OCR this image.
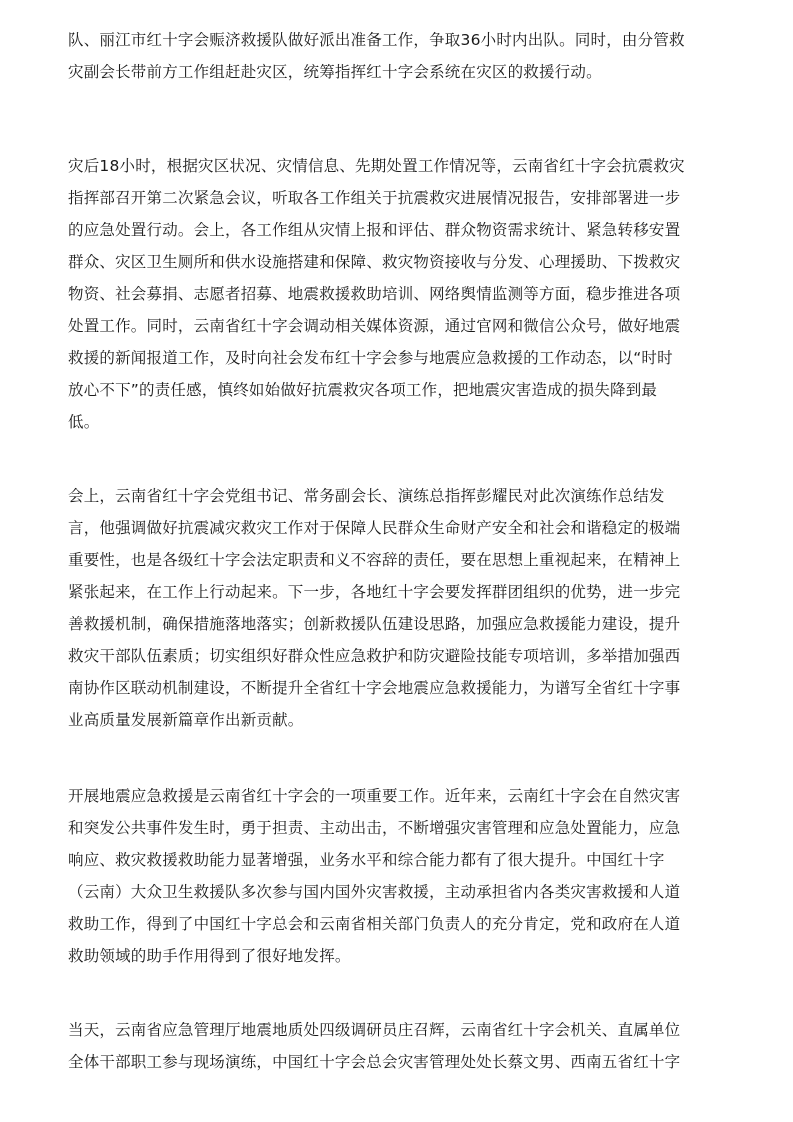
队、丽江市红十字会赈济救援队做好派出准备工作，争取36小时内出队。同时，由分管救
灾副会长带前方工作组赶赴灾区，统筹指挥红十字会系统在灾区的救援行动。
灾后18小时，根据灾区状况、灾情信息、先期处置工作情况等，云南省红十字会抗震救灾
指挥部召开第二次紧急会议，听取各工作组关于抗震救灾进展情况报告，安排部署进一步
的应急处置行动。会上，各工作组从灾情上报和评估、群众物资需求统计、紧急转移安置
群众、灾区卫生厕所和供水设施搭建和保障、救灾物资接收与分发、心理援助、下拨救灾
物资、社会募捐、志愿者招募、地震救援救助培训、网络舆情监测等方面，稳步推进各项
处置工作。同时，云南省红十字会调动相关媒体资源，通过官网和微信公众号，做好地震
救援的新闻报道工作，及时向社会发布红十字会参与地震应急救援的工作动态，以“时时
放心不下”的责任感，慎终如始做好抗震救灾各项工作，把地震灾害造成的损失降到最
低。
会上，云南省红十字会党组书记、常务副会长、演练总指挥彭耀民对此次演练作总结发
言，他强调做好抗震减灾救灾工作对于保障人民群众生命财产安全和社会和谐稳定的极端
重要性，也是各级红十字会法定职责和义不容辞的责任，要在思想上重视起来，在精神上
紧张起来，在工作上行动起来。下一步，各地红十字会要发挥群团组织的优势，进一步完
善救援机制，确保措施落地落实；创新救援队伍建设思路，加强应急救援能力建设，提升
救灾干部队伍素质；切实组织好群众性应急救护和防灾避险技能专项培训，多举措加强西
南协作区联动机制建设，不断提升全省红十字会地震应急救援能力，为谱写全省红十字事
业高质量发展新篇章作出新贡献。
开展地震应急救援是云南省红十字会的一项重要工作。近年来，云南红十字会在自然灾害
和突发公共事件发生时，勇于担责、主动出击，不断增强灾害管理和应急处置能力，应急
响应、救灾救援救助能力显著增强，业务水平和综合能力都有了很大提升。中国红十字
（云南）大众卫生救援队多次参与国内国外灾害救援，主动承担省内各类灾害救援和人道
救助工作，得到了中国红十字总会和云南省相关部门负责人的充分肯定，党和政府在人道
救助领域的助手作用得到了很好地发挥。
当天，云南省应急管理厅地震地质处四级调研员庄召辉，云南省红十字会机关、直属单位
全体干部职工参与现场演练，中国红十字会总会灾害管理处处长蔡文男、西南五省红十字
